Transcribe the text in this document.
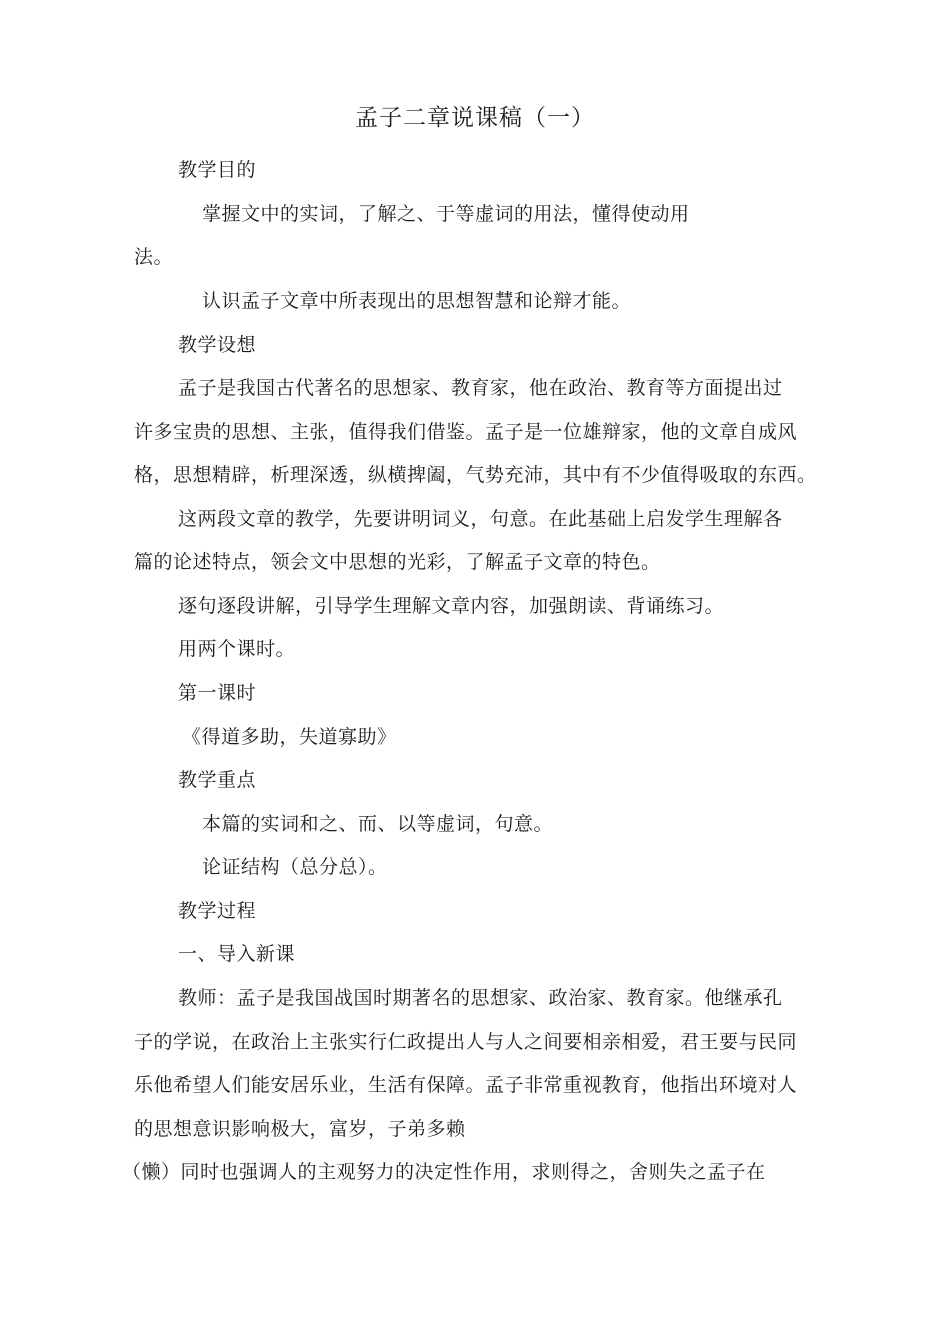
孟子二章说课稿（一）
教学目的
掌握文中的实词，了解之、于等虚词的用法，懂得使动用
法。
认识孟子文章中所表现出的思想智慧和论辩才能。
教学设想
孟子是我国古代著名的思想家、教育家，他在政治、教育等方面提出过
许多宝贵的思想、主张，值得我们借鉴。孟子是一位雄辩家，他的文章自成风
格，思想精辟，析理深透，纵横捭阖，气势充沛，其中有不少值得吸取的东西。
这两段文章的教学，先要讲明词义，句意。在此基础上启发学生理解各
篇的论述特点，领会文中思想的光彩，了解孟子文章的特色。
逐句逐段讲解，引导学生理解文章内容，加强朗读、背诵练习。
用两个课时。
第一课时
《得道多助，失道寡助》
教学重点
本篇的实词和之、而、以等虚词，句意。
论证结构（总分总）。
教学过程
一、导入新课
教师：孟子是我国战国时期著名的思想家、政治家、教育家。他继承孔
子的学说，在政治上主张实行仁政提出人与人之间要相亲相爱，君王要与民同
乐他希望人们能安居乐业，生活有保障。孟子非常重视教育，他指出环境对人
的思想意识影响极大，富岁，子弟多赖
（懒）同时也强调人的主观努力的决定性作用，求则得之，舍则失之孟子在
